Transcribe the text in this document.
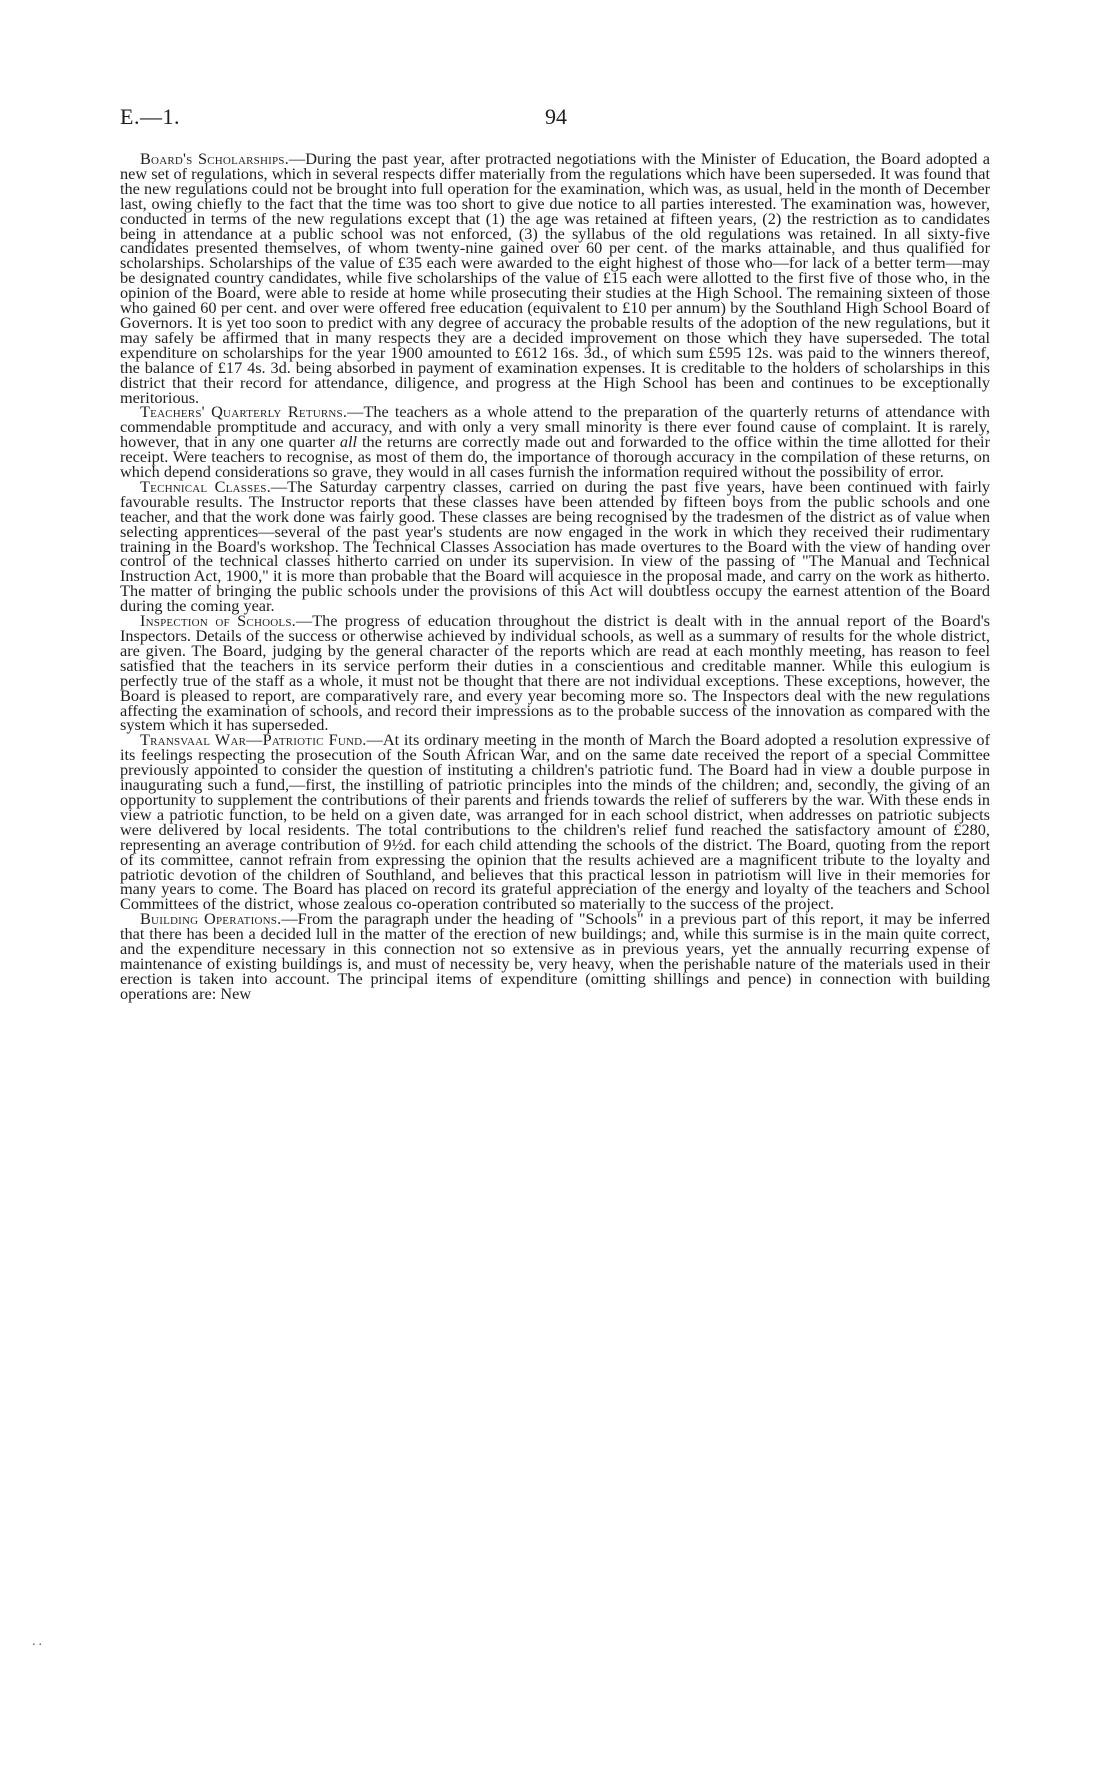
E.—1.	94

Board's Scholarships.—During the past year, after protracted negotiations with the Minister of Education, the Board adopted a new set of regulations, which in several respects differ materially from the regulations which have been superseded. It was found that the new regulations could not be brought into full operation for the examination, which was, as usual, held in the month of December last, owing chiefly to the fact that the time was too short to give due notice to all parties interested. The examination was, however, conducted in terms of the new regulations except that (1) the age was retained at fifteen years, (2) the restriction as to candidates being in attendance at a public school was not enforced, (3) the syllabus of the old regulations was retained. In all sixty-five candidates presented themselves, of whom twenty-nine gained over 60 per cent. of the marks attainable, and thus qualified for scholarships. Scholarships of the value of £35 each were awarded to the eight highest of those who—for lack of a better term—may be designated country candidates, while five scholarships of the value of £15 each were allotted to the first five of those who, in the opinion of the Board, were able to reside at home while prosecuting their studies at the High School. The remaining sixteen of those who gained 60 per cent. and over were offered free education (equivalent to £10 per annum) by the Southland High School Board of Governors. It is yet too soon to predict with any degree of accuracy the probable results of the adoption of the new regulations, but it may safely be affirmed that in many respects they are a decided improvement on those which they have superseded. The total expenditure on scholarships for the year 1900 amounted to £612 16s. 3d., of which sum £595 12s. was paid to the winners thereof, the balance of £17 4s. 3d. being absorbed in payment of examination expenses. It is creditable to the holders of scholarships in this district that their record for attendance, diligence, and progress at the High School has been and continues to be exceptionally meritorious.

Teachers' Quarterly Returns.—The teachers as a whole attend to the preparation of the quarterly returns of attendance with commendable promptitude and accuracy, and with only a very small minority is there ever found cause of complaint. It is rarely, however, that in any one quarter all the returns are correctly made out and forwarded to the office within the time allotted for their receipt. Were teachers to recognise, as most of them do, the importance of thorough accuracy in the compilation of these returns, on which depend considerations so grave, they would in all cases furnish the information required without the possibility of error.

Technical Classes.—The Saturday carpentry classes, carried on during the past five years, have been continued with fairly favourable results. The Instructor reports that these classes have been attended by fifteen boys from the public schools and one teacher, and that the work done was fairly good. These classes are being recognised by the tradesmen of the district as of value when selecting apprentices—several of the past year's students are now engaged in the work in which they received their rudimentary training in the Board's workshop. The Technical Classes Association has made overtures to the Board with the view of handing over control of the technical classes hitherto carried on under its supervision. In view of the passing of "The Manual and Technical Instruction Act, 1900," it is more than probable that the Board will acquiesce in the proposal made, and carry on the work as hitherto. The matter of bringing the public schools under the provisions of this Act will doubtless occupy the earnest attention of the Board during the coming year.

Inspection of Schools.—The progress of education throughout the district is dealt with in the annual report of the Board's Inspectors. Details of the success or otherwise achieved by individual schools, as well as a summary of results for the whole district, are given. The Board, judging by the general character of the reports which are read at each monthly meeting, has reason to feel satisfied that the teachers in its service perform their duties in a conscientious and creditable manner. While this eulogium is perfectly true of the staff as a whole, it must not be thought that there are not individual exceptions. These exceptions, however, the Board is pleased to report, are comparatively rare, and every year becoming more so. The Inspectors deal with the new regulations affecting the examination of schools, and record their impressions as to the probable success of the innovation as compared with the system which it has superseded.

Transvaal War—Patriotic Fund.—At its ordinary meeting in the month of March the Board adopted a resolution expressive of its feelings respecting the prosecution of the South African War, and on the same date received the report of a special Committee previously appointed to consider the question of instituting a children's patriotic fund. The Board had in view a double purpose in inaugurating such a fund,—first, the instilling of patriotic principles into the minds of the children; and, secondly, the giving of an opportunity to supplement the contributions of their parents and friends towards the relief of sufferers by the war. With these ends in view a patriotic function, to be held on a given date, was arranged for in each school district, when addresses on patriotic subjects were delivered by local residents. The total contributions to the children's relief fund reached the satisfactory amount of £280, representing an average contribution of 9½d. for each child attending the schools of the district. The Board, quoting from the report of its committee, cannot refrain from expressing the opinion that the results achieved are a magnificent tribute to the loyalty and patriotic devotion of the children of Southland, and believes that this practical lesson in patriotism will live in their memories for many years to come. The Board has placed on record its grateful appreciation of the energy and loyalty of the teachers and School Committees of the district, whose zealous co-operation contributed so materially to the success of the project.

Building Operations.—From the paragraph under the heading of "Schools" in a previous part of this report, it may be inferred that there has been a decided lull in the matter of the erection of new buildings; and, while this surmise is in the main quite correct, and the expenditure necessary in this connection not so extensive as in previous years, yet the annually recurring expense of maintenance of existing buildings is, and must of necessity be, very heavy, when the perishable nature of the materials used in their erection is taken into account. The principal items of expenditure (omitting shillings and pence) in connection with building operations are: New

..
